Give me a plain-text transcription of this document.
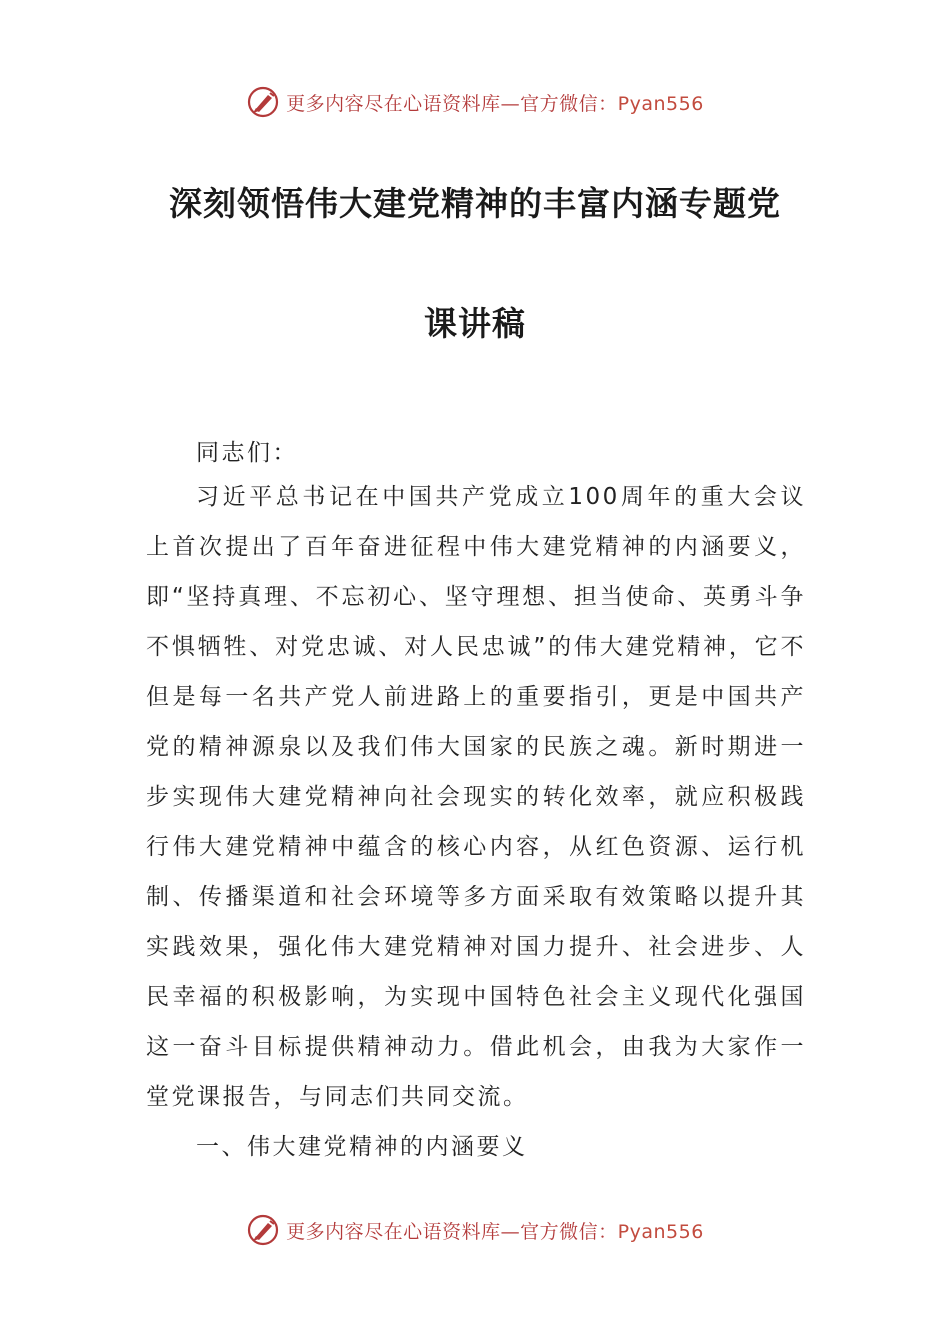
更多内容尽在心语资料库—官方微信：Pyan556
深刻领悟伟大建党精神的丰富内涵专题党
课讲稿
同志们：
习近平总书记在中国共产党成立100周年的重大会议上首次提出了百年奋进征程中伟大建党精神的内涵要义，即“坚持真理、不忘初心、坚守理想、担当使命、英勇斗争不惧牺牲、对党忠诚、对人民忠诚”的伟大建党精神，它不但是每一名共产党人前进路上的重要指引，更是中国共产党的精神源泉以及我们伟大国家的民族之魂。新时期进一步实现伟大建党精神向社会现实的转化效率，就应积极践行伟大建党精神中蕴含的核心内容，从红色资源、运行机制、传播渠道和社会环境等多方面采取有效策略以提升其实践效果，强化伟大建党精神对国力提升、社会进步、人民幸福的积极影响，为实现中国特色社会主义现代化强国这一奋斗目标提供精神动力。借此机会，由我为大家作一堂党课报告，与同志们共同交流。
一、伟大建党精神的内涵要义
更多内容尽在心语资料库—官方微信：Pyan556
